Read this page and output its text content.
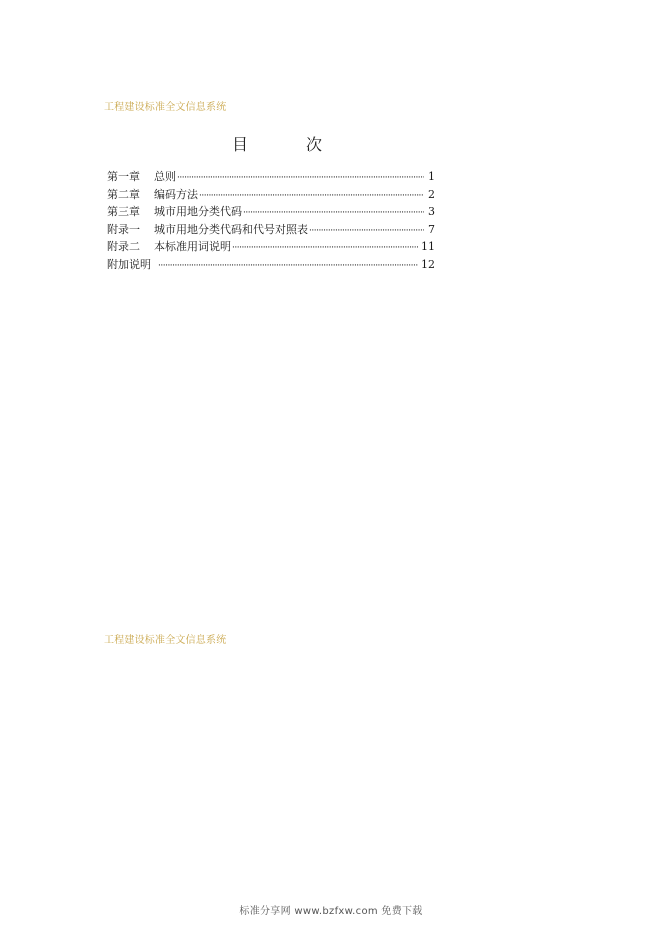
工程建设标准全文信息系统
目	次
第一章	总则 ·····	1
第二章	编码方法 ·····	2
第三章	城市用地分类代码 ·····	3
附录一	城市用地分类代码和代号对照表 ·····	7
附录二	本标准用词说明 ·····	11
附加说明 ·····	12
工程建设标准全文信息系统
标准分享网 www.bzfxw.com 免费下载
